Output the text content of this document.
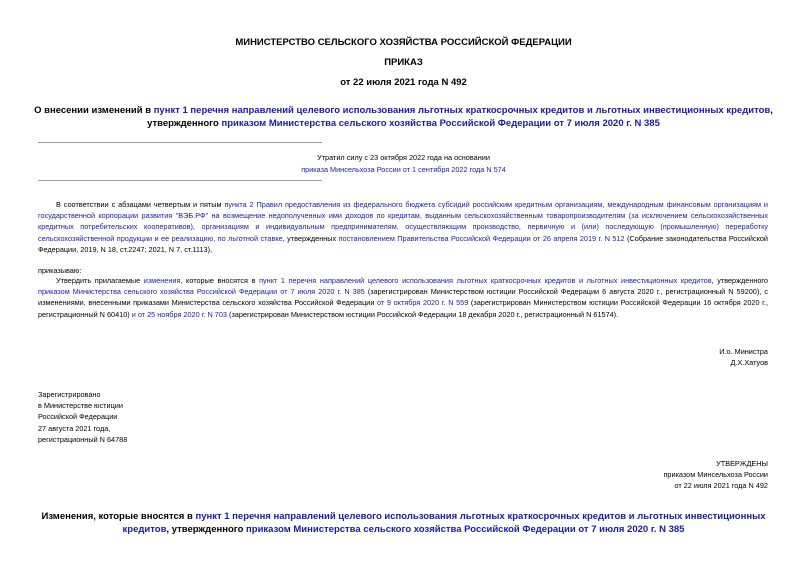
МИНИСТЕРСТВО СЕЛЬСКОГО ХОЗЯЙСТВА РОССИЙСКОЙ ФЕДЕРАЦИИ
ПРИКАЗ
от 22 июля 2021 года N 492
О внесении изменений в пункт 1 перечня направлений целевого использования льготных краткосрочных кредитов и льготных инвестиционных кредитов, утвержденного приказом Министерства сельского хозяйства Российской Федерации от 7 июля 2020 г. N 385
Утратил силу с 23 октября 2022 года на основании
приказа Минсельхоза России от 1 сентября 2022 года N 574
В соответствии с абзацами четвертым и пятым пункта 2 Правил предоставления из федерального бюджета субсидий российским кредитным организациям, международным финансовым организациям и государственной корпорации развития "ВЭБ.РФ" на возмещение недополученных ими доходов по кредитам, выданным сельскохозяйственным товаропроизводителям (за исключением сельскохозяйственных кредитных потребительских кооперативов), организациям и индивидуальным предпринимателям, осуществляющим производство, первичную и (или) последующую (промышленную) переработку сельскохозяйственной продукции и ее реализацию, по льготной ставке, утвержденных постановлением Правительства Российской Федерации от 26 апреля 2019 г. N 512 (Собрание законодательства Российской Федерации, 2019, N 18, ст.2247; 2021, N 7, ст.1113),
приказываю:
Утвердить прилагаемые изменения, которые вносятся в пункт 1 перечня направлений целевого использования льготных краткосрочных кредитов и льготных инвестиционных кредитов, утвержденного приказом Министерства сельского хозяйства Российской Федерации от 7 июля 2020 г. N 385 (зарегистрирован Министерством юстиции Российской Федерации 6 августа 2020 г., регистрационный N 59200), с изменениями, внесенными приказами Министерства сельского хозяйства Российской Федерации от 9 октября 2020 г. N 559 (зарегистрирован Министерством юстиции Российской Федерации 16 октября 2020 г., регистрационный N 60410) и от 25 ноября 2020 г. N 703 (зарегистрирован Министерством юстиции Российской Федерации 18 декабря 2020 г., регистрационный N 61574).
И.о. Министра
Д.Х.Хатуов
Зарегистрировано
в Министерстве юстиции
Российской Федерации
27 августа 2021 года,
регистрационный N 64788
УТВЕРЖДЕНЫ
приказом Минсельхоза России
от 22 июля 2021 года N 492
Изменения, которые вносятся в пункт 1 перечня направлений целевого использования льготных краткосрочных кредитов и льготных инвестиционных кредитов, утвержденного приказом Министерства сельского хозяйства Российской Федерации от 7 июля 2020 г. N 385
